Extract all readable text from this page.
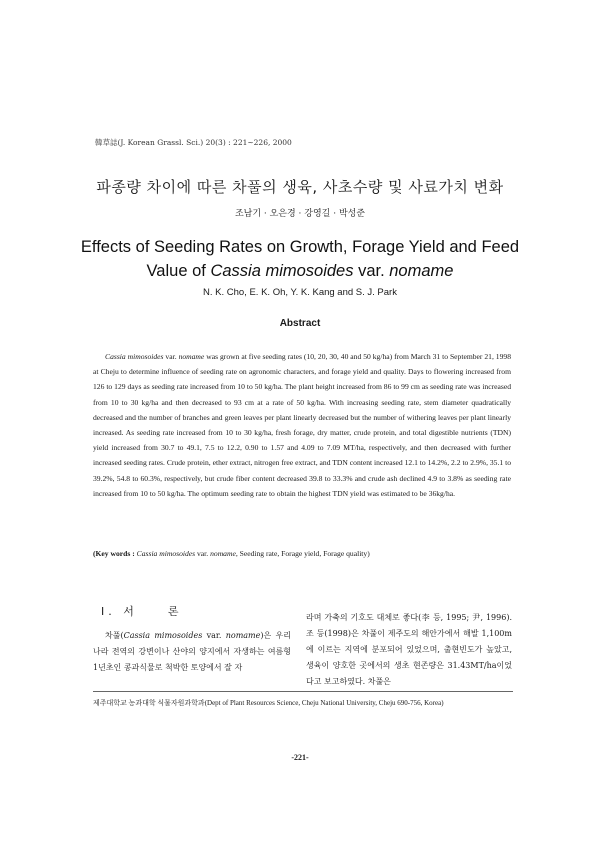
韓草誌(J. Korean Grassl. Sci.) 20(3) : 221~226, 2000
파종량 차이에 따른 차풀의 생육, 사초수량 및 사료가치 변화
조남기 · 오은경 · 강영길 · 박성준
Effects of Seeding Rates on Growth, Forage Yield and Feed
Value of Cassia mimosoides var. nomame
N. K. Cho, E. K. Oh, Y. K. Kang and S. J. Park
Abstract

Cassia mimosoides var. nomame was grown at five seeding rates (10, 20, 30, 40 and 50 kg/ha) from March 31 to September 21, 1998 at Cheju to determine influence of seeding rate on agronomic characters, and forage yield and quality. Days to flowering increased from 126 to 129 days as seeding rate increased from 10 to 50 kg/ha. The plant height increased from 86 to 99 cm as seeding rate was increased from 10 to 30 kg/ha and then decreased to 93 cm at a rate of 50 kg/ha. With increasing seeding rate, stem diameter quadratically decreased and the number of branches and green leaves per plant linearly decreased but the number of withering leaves per plant linearly increased. As seeding rate increased from 10 to 30 kg/ha, fresh forage, dry matter, crude protein, and total digestible nutrients (TDN) yield increased from 30.7 to 49.1, 7.5 to 12.2, 0.90 to 1.57 and 4.09 to 7.09 MT/ha, respectively, and then decreased with further increased seeding rates. Crude protein, ether extract, nitrogen free extract, and TDN content increased 12.1 to 14.2%, 2.2 to 2.9%, 35.1 to 39.2%, 54.8 to 60.3%, respectively, but crude fiber content decreased 39.8 to 33.3% and crude ash declined 4.9 to 3.8% as seeding rate increased from 10 to 50 kg/ha. The optimum seeding rate to obtain the highest TDN yield was estimated to be 36kg/ha.

(Key words : Cassia mimosoides var. nomame, Seeding rate, Forage yield, Forage quality)
I. 서　　론

차풀(Cassia mimosoides var. nomame)은 우리 나라 전역의 강변이나 산야의 양지에서 자생하는 여름형 1년초인 콩과식물로 척박한 토양에서 잘 자

라며 가축의 기호도 대체로 좋다(李 등, 1995; 尹, 1996). 조 등(1998)은 차풀이 제주도의 해안가에서 해발 1,100m에 이르는 지역에 분포되어 있었으며, 출현빈도가 높았고, 생육이 양호한 곳에서의 생초 현존량은 31.43MT/ha이었다고 보고하였다. 차풀은

제주대학교 농과대학 식물자원과학과(Dept of Plant Resources Science, Cheju National University, Cheju 690-756, Korea)
-221-
